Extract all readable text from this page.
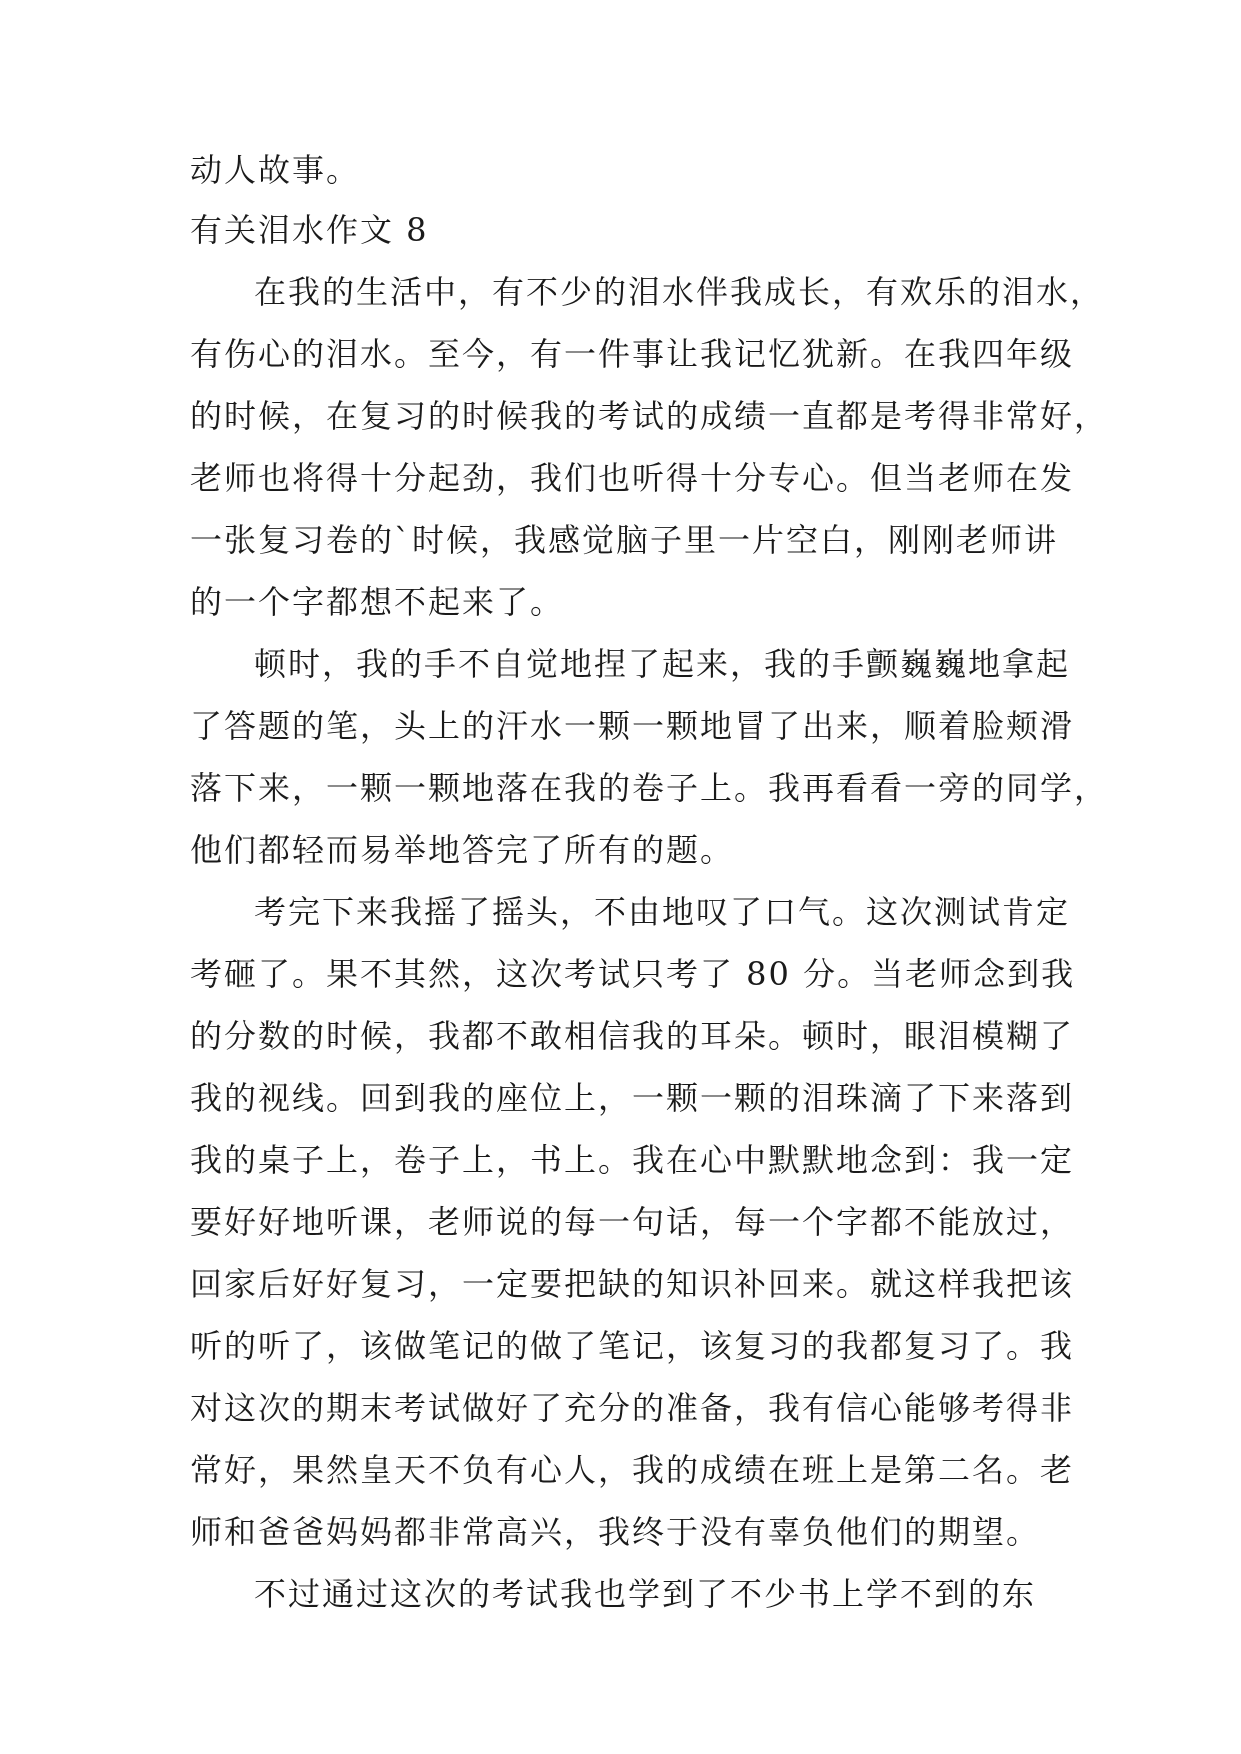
动人故事。
有关泪水作文 8
在我的生活中，有不少的泪水伴我成长，有欢乐的泪水，
有伤心的泪水。至今，有一件事让我记忆犹新。在我四年级
的时候，在复习的时候我的考试的成绩一直都是考得非常好，
老师也将得十分起劲，我们也听得十分专心。但当老师在发
一张复习卷的`时候，我感觉脑子里一片空白，刚刚老师讲
的一个字都想不起来了。
顿时，我的手不自觉地捏了起来，我的手颤巍巍地拿起
了答题的笔，头上的汗水一颗一颗地冒了出来，顺着脸颊滑
落下来，一颗一颗地落在我的卷子上。我再看看一旁的同学，
他们都轻而易举地答完了所有的题。
考完下来我摇了摇头，不由地叹了口气。这次测试肯定
考砸了。果不其然，这次考试只考了 80 分。当老师念到我
的分数的时候，我都不敢相信我的耳朵。顿时，眼泪模糊了
我的视线。回到我的座位上，一颗一颗的泪珠滴了下来落到
我的桌子上，卷子上，书上。我在心中默默地念到：我一定
要好好地听课，老师说的每一句话，每一个字都不能放过，
回家后好好复习，一定要把缺的知识补回来。就这样我把该
听的听了，该做笔记的做了笔记，该复习的我都复习了。我
对这次的期末考试做好了充分的准备，我有信心能够考得非
常好，果然皇天不负有心人，我的成绩在班上是第二名。老
师和爸爸妈妈都非常高兴，我终于没有辜负他们的期望。
不过通过这次的考试我也学到了不少书上学不到的东
